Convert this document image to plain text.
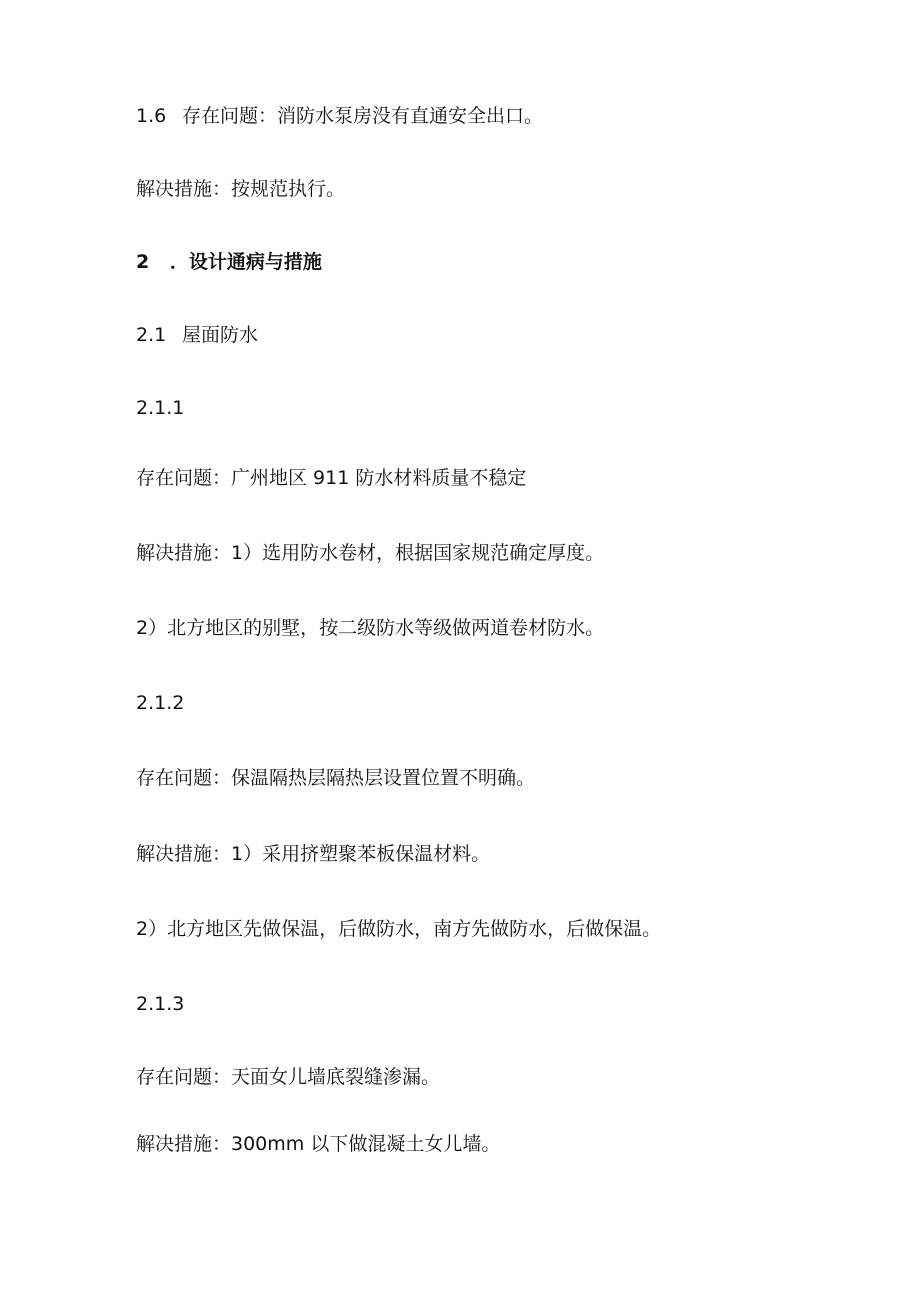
1.6 存在问题：消防水泵房没有直通安全出口。
解决措施：按规范执行。
2 ．设计通病与措施
2.1 屋面防水
2.1.1
存在问题：广州地区 911 防水材料质量不稳定
解决措施：1）选用防水卷材，根据国家规范确定厚度。
2）北方地区的别墅，按二级防水等级做两道卷材防水。
2.1.2
存在问题：保温隔热层隔热层设置位置不明确。
解决措施：1）采用挤塑聚苯板保温材料。
2）北方地区先做保温，后做防水，南方先做防水，后做保温。
2.1.3
存在问题：天面女儿墙底裂缝渗漏。
解决措施：300mm 以下做混凝土女儿墙。
